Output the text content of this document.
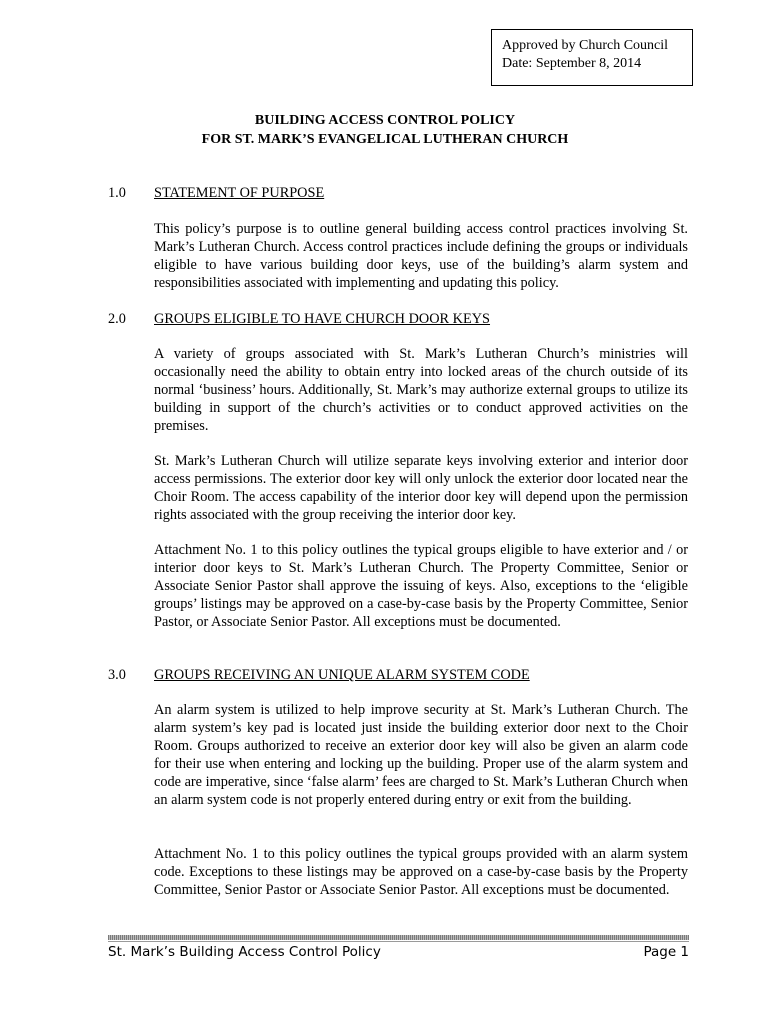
Approved by Church Council
Date: September 8, 2014
BUILDING ACCESS CONTROL POLICY
FOR ST. MARK’S EVANGELICAL LUTHERAN CHURCH
1.0 STATEMENT OF PURPOSE

This policy’s purpose is to outline general building access control practices involving St. Mark’s Lutheran Church. Access control practices include defining the groups or individuals eligible to have various building door keys, use of the building’s alarm system and responsibilities associated with implementing and updating this policy.

2.0 GROUPS ELIGIBLE TO HAVE CHURCH DOOR KEYS

A variety of groups associated with St. Mark’s Lutheran Church’s ministries will occasionally need the ability to obtain entry into locked areas of the church outside of its normal ‘business’ hours. Additionally, St. Mark’s may authorize external groups to utilize its building in support of the church’s activities or to conduct approved activities on the premises.

St. Mark’s Lutheran Church will utilize separate keys involving exterior and interior door access permissions. The exterior door key will only unlock the exterior door located near the Choir Room. The access capability of the interior door key will depend upon the permission rights associated with the group receiving the interior door key.

Attachment No. 1 to this policy outlines the typical groups eligible to have exterior and / or interior door keys to St. Mark’s Lutheran Church. The Property Committee, Senior or Associate Senior Pastor shall approve the issuing of keys. Also, exceptions to the ‘eligible groups’ listings may be approved on a case-by-case basis by the Property Committee, Senior Pastor, or Associate Senior Pastor. All exceptions must be documented.

3.0 GROUPS RECEIVING AN UNIQUE ALARM SYSTEM CODE

An alarm system is utilized to help improve security at St. Mark’s Lutheran Church. The alarm system’s key pad is located just inside the building exterior door next to the Choir Room. Groups authorized to receive an exterior door key will also be given an alarm code for their use when entering and locking up the building. Proper use of the alarm system and code are imperative, since ‘false alarm’ fees are charged to St. Mark’s Lutheran Church when an alarm system code is not properly entered during entry or exit from the building.

Attachment No. 1 to this policy outlines the typical groups provided with an alarm system code. Exceptions to these listings may be approved on a case-by-case basis by the Property Committee, Senior Pastor or Associate Senior Pastor. All exceptions must be documented.

St. Mark’s Building Access Control Policy	Page 1
